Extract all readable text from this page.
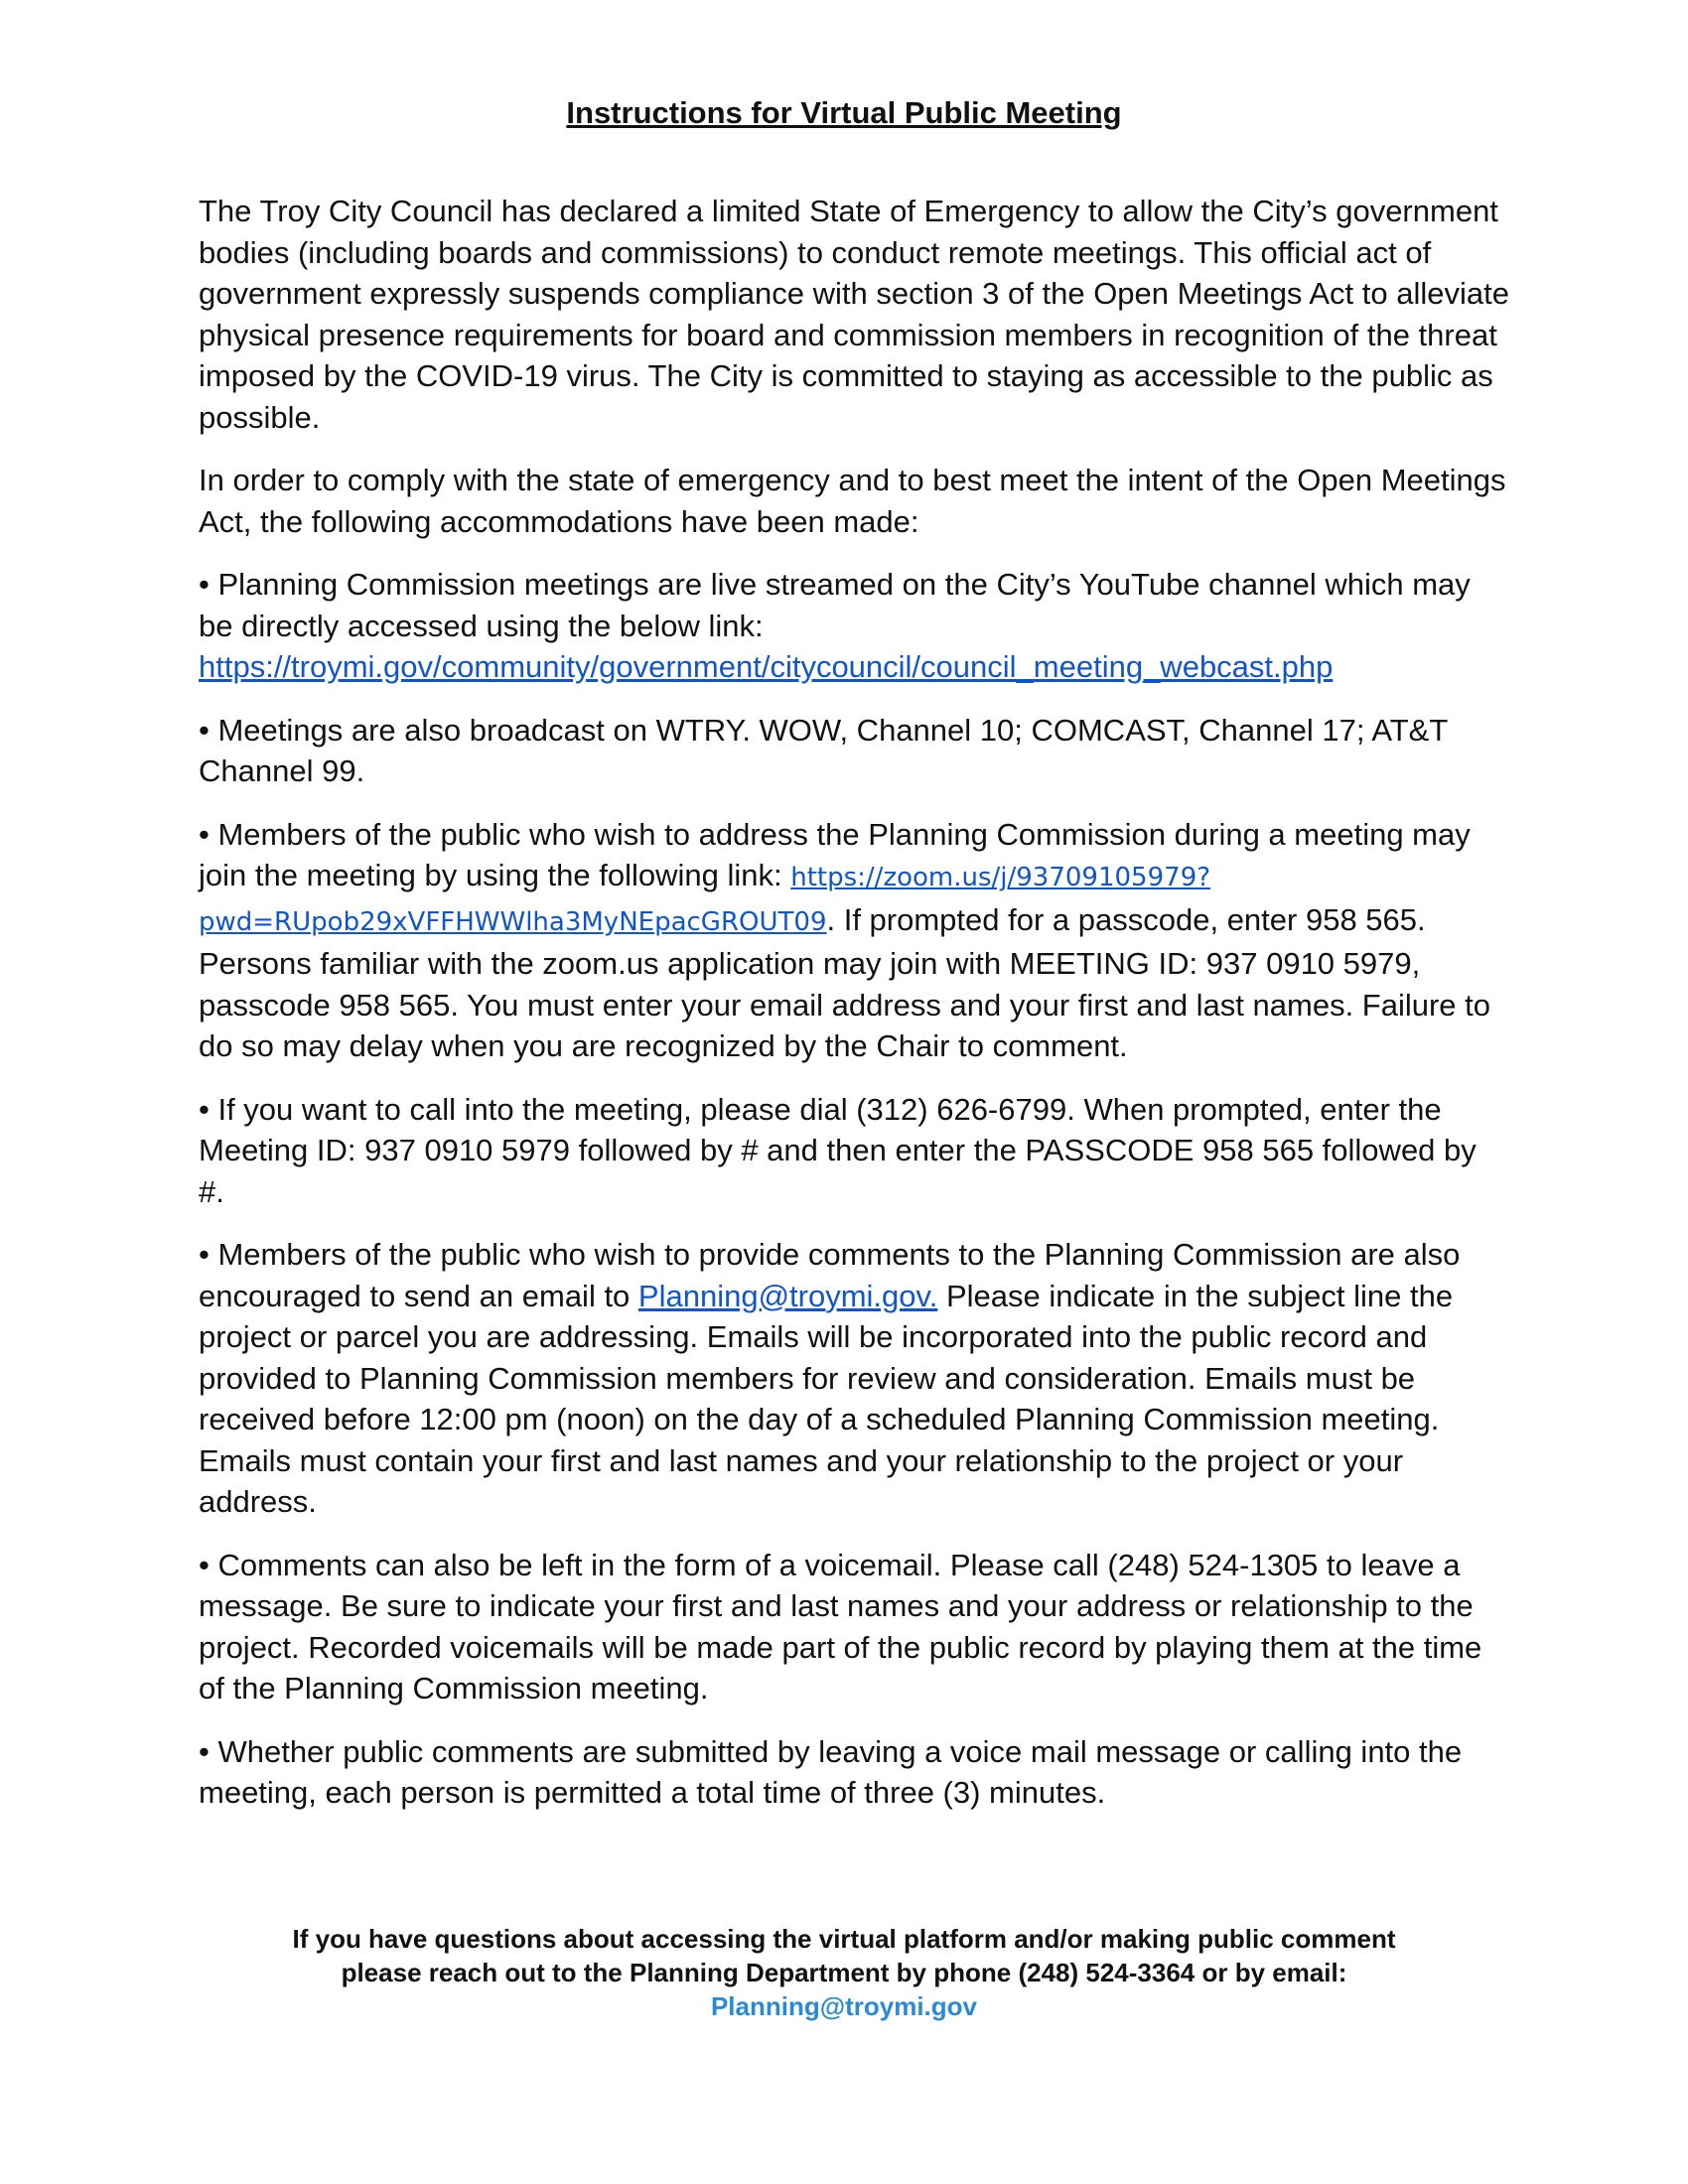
Instructions for Virtual Public Meeting

The Troy City Council has declared a limited State of Emergency to allow the City’s government bodies (including boards and commissions) to conduct remote meetings. This official act of government expressly suspends compliance with section 3 of the Open Meetings Act to alleviate physical presence requirements for board and commission members in recognition of the threat imposed by the COVID-19 virus. The City is committed to staying as accessible to the public as possible.

In order to comply with the state of emergency and to best meet the intent of the Open Meetings Act, the following accommodations have been made:

• Planning Commission meetings are live streamed on the City’s YouTube channel which may be directly accessed using the below link:
https://troymi.gov/community/government/citycouncil/council_meeting_webcast.php

• Meetings are also broadcast on WTRY. WOW, Channel 10; COMCAST, Channel 17; AT&T Channel 99.

• Members of the public who wish to address the Planning Commission during a meeting may join the meeting by using the following link: https://zoom.us/j/93709105979?pwd=RUpob29xVFFHWWlha3MyNEpacGROUT09. If prompted for a passcode, enter 958 565. Persons familiar with the zoom.us application may join with MEETING ID: 937 0910 5979, passcode 958 565. You must enter your email address and your first and last names. Failure to do so may delay when you are recognized by the Chair to comment.

• If you want to call into the meeting, please dial (312) 626-6799. When prompted, enter the Meeting ID: 937 0910 5979 followed by # and then enter the PASSCODE 958 565 followed by #.

• Members of the public who wish to provide comments to the Planning Commission are also encouraged to send an email to Planning@troymi.gov. Please indicate in the subject line the project or parcel you are addressing. Emails will be incorporated into the public record and provided to Planning Commission members for review and consideration. Emails must be received before 12:00 pm (noon) on the day of a scheduled Planning Commission meeting. Emails must contain your first and last names and your relationship to the project or your address.

• Comments can also be left in the form of a voicemail. Please call (248) 524-1305 to leave a message. Be sure to indicate your first and last names and your address or relationship to the project. Recorded voicemails will be made part of the public record by playing them at the time of the Planning Commission meeting.

• Whether public comments are submitted by leaving a voice mail message or calling into the meeting, each person is permitted a total time of three (3) minutes.

If you have questions about accessing the virtual platform and/or making public comment
please reach out to the Planning Department by phone (248) 524-3364 or by email:
Planning@troymi.gov
